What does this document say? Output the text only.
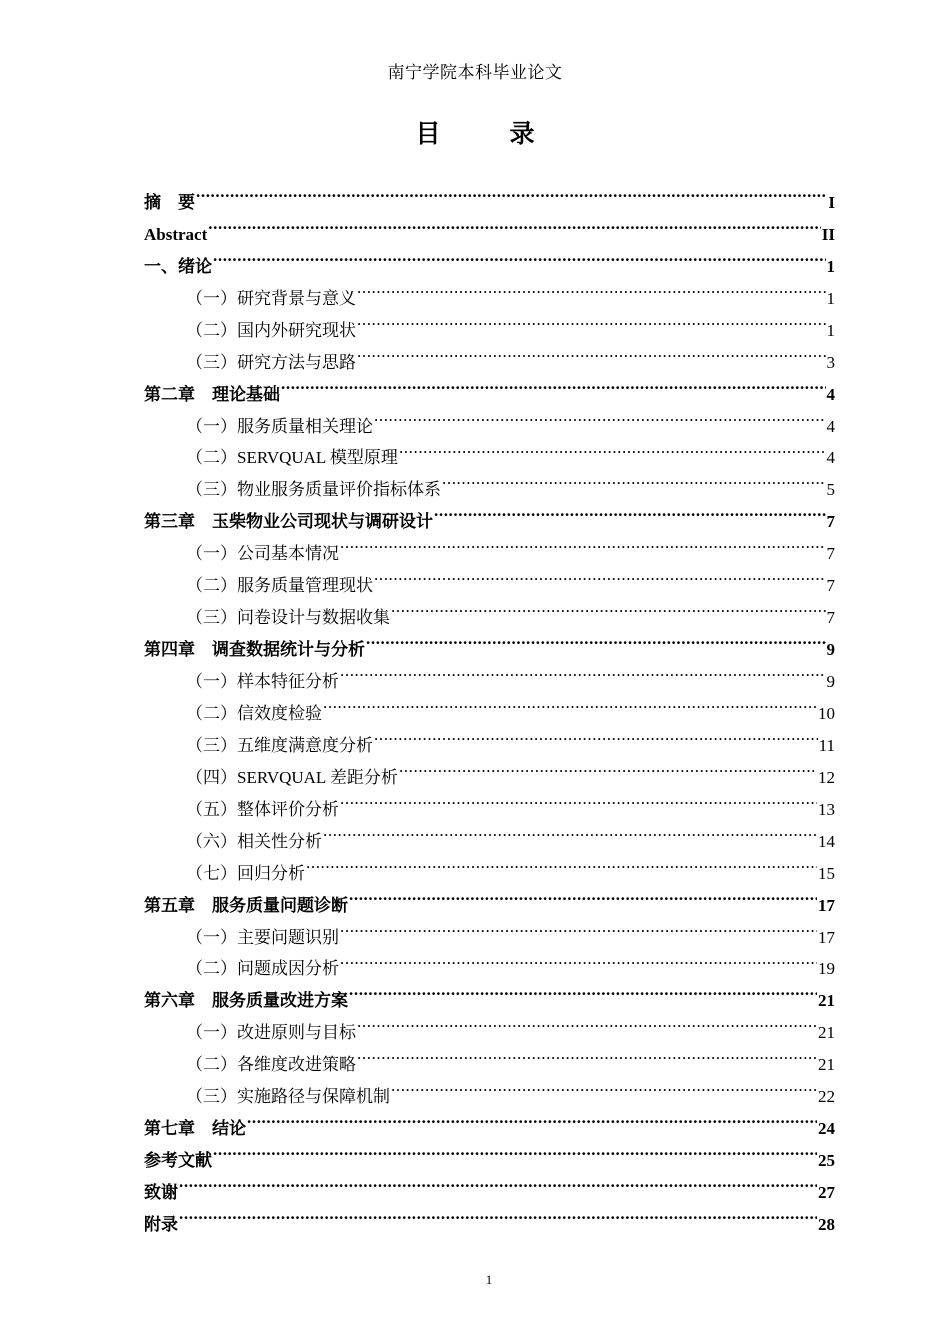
南宁学院本科毕业论文
目　录
摘　要 .....	I
Abstract .....	II
一、绪论 .....	1
（一）研究背景与意义 .....	1
（二）国内外研究现状 .....	1
（三）研究方法与思路 .....	3
第二章　理论基础 .....	4
（一）服务质量相关理论 .....	4
（二）SERVQUAL 模型原理 .....	4
（三）物业服务质量评价指标体系 .....	5
第三章　玉柴物业公司现状与调研设计 .....	7
（一）公司基本情况 .....	7
（二）服务质量管理现状 .....	7
（三）问卷设计与数据收集 .....	7
第四章　调查数据统计与分析 .....	9
（一）样本特征分析 .....	9
（二）信效度检验 .....	10
（三）五维度满意度分析 .....	11
（四）SERVQUAL 差距分析 .....	12
（五）整体评价分析 .....	13
（六）相关性分析 .....	14
（七）回归分析 .....	15
第五章　服务质量问题诊断 .....	17
（一）主要问题识别 .....	17
（二）问题成因分析 .....	19
第六章　服务质量改进方案 .....	21
（一）改进原则与目标 .....	21
（二）各维度改进策略 .....	21
（三）实施路径与保障机制 .....	22
第七章　结论 .....	24
参考文献 .....	25
致谢 .....	27
附录 .....	28
1
